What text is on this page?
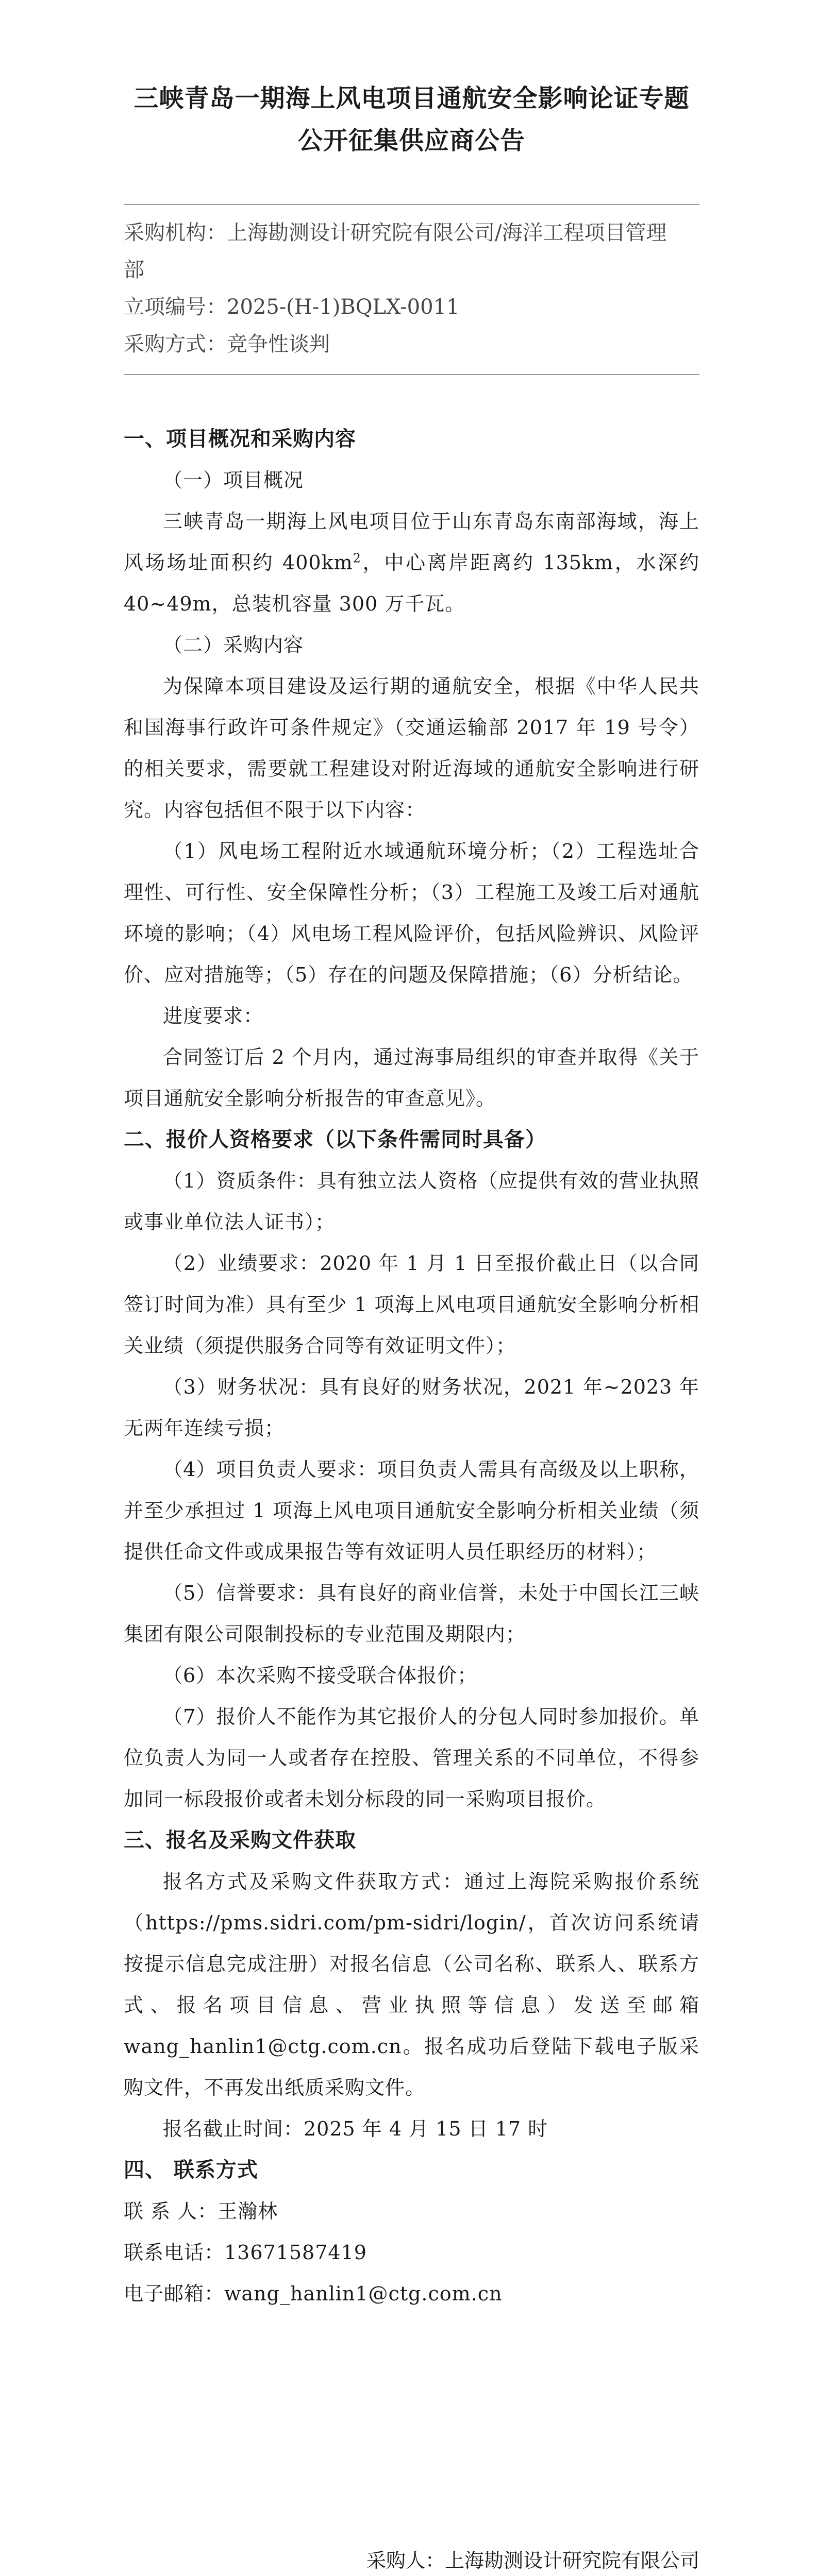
三峡青岛一期海上风电项目通航安全影响论证专题
公开征集供应商公告

采购机构：上海勘测设计研究院有限公司/海洋工程项目管理

部

立项编号：2025-(H-1)BQLX-0011

采购方式：竞争性谈判

一、项目概况和采购内容

（一）项目概况

三峡青岛一期海上风电项目位于山东青岛东南部海域，海上风场场址面积约 $400km^2$，中心离岸距离约 135km，水深约 40~49m，总装机容量 300 万千瓦。

（二）采购内容

为保障本项目建设及运行期的通航安全，根据《中华人民共和国海事行政许可条件规定》（交通运输部 2017 年 19 号令）的相关要求，需要就工程建设对附近海域的通航安全影响进行研究。内容包括但不限于以下内容：

（1）风电场工程附近水域通航环境分析；（2）工程选址合理性、可行性、安全保障性分析；（3）工程施工及竣工后对通航环境的影响；（4）风电场工程风险评价，包括风险辨识、风险评价、应对措施等；（5）存在的问题及保障措施；（6）分析结论。

进度要求：

合同签订后 2 个月内，通过海事局组织的审查并取得《关于项目通航安全影响分析报告的审查意见》。

二、报价人资格要求（以下条件需同时具备）

（1）资质条件：具有独立法人资格（应提供有效的营业执照或事业单位法人证书）；

（2）业绩要求：2020 年 1 月 1 日至报价截止日（以合同签订时间为准）具有至少 1 项海上风电项目通航安全影响分析相关业绩（须提供服务合同等有效证明文件）；

（3）财务状况：具有良好的财务状况，2021 年~2023 年无两年连续亏损；

（4）项目负责人要求：项目负责人需具有高级及以上职称，并至少承担过 1 项海上风电项目通航安全影响分析相关业绩（须提供任命文件或成果报告等有效证明人员任职经历的材料）；

（5）信誉要求：具有良好的商业信誉，未处于中国长江三峡集团有限公司限制投标的专业范围及期限内；

（6）本次采购不接受联合体报价；

（7）报价人不能作为其它报价人的分包人同时参加报价。单位负责人为同一人或者存在控股、管理关系的不同单位，不得参加同一标段报价或者未划分标段的同一采购项目报价。

三、报名及采购文件获取

报名方式及采购文件获取方式：通过上海院采购报价系统（https://pms.sidri.com/pm-sidri/login/，首次访问系统请按提示信息完成注册）对报名信息（公司名称、联系人、联系方式、报名项目信息、营业执照等信息）发送至邮箱 wang_hanlin1@ctg.com.cn。报名成功后登陆下载电子版采购文件，不再发出纸质采购文件。

报名截止时间：2025 年 4 月 15 日 17 时

四、 联系方式

联 系 人：王瀚林

联系电话：13671587419

电子邮箱：wang_hanlin1@ctg.com.cn

采购人：上海勘测设计研究院有限公司
